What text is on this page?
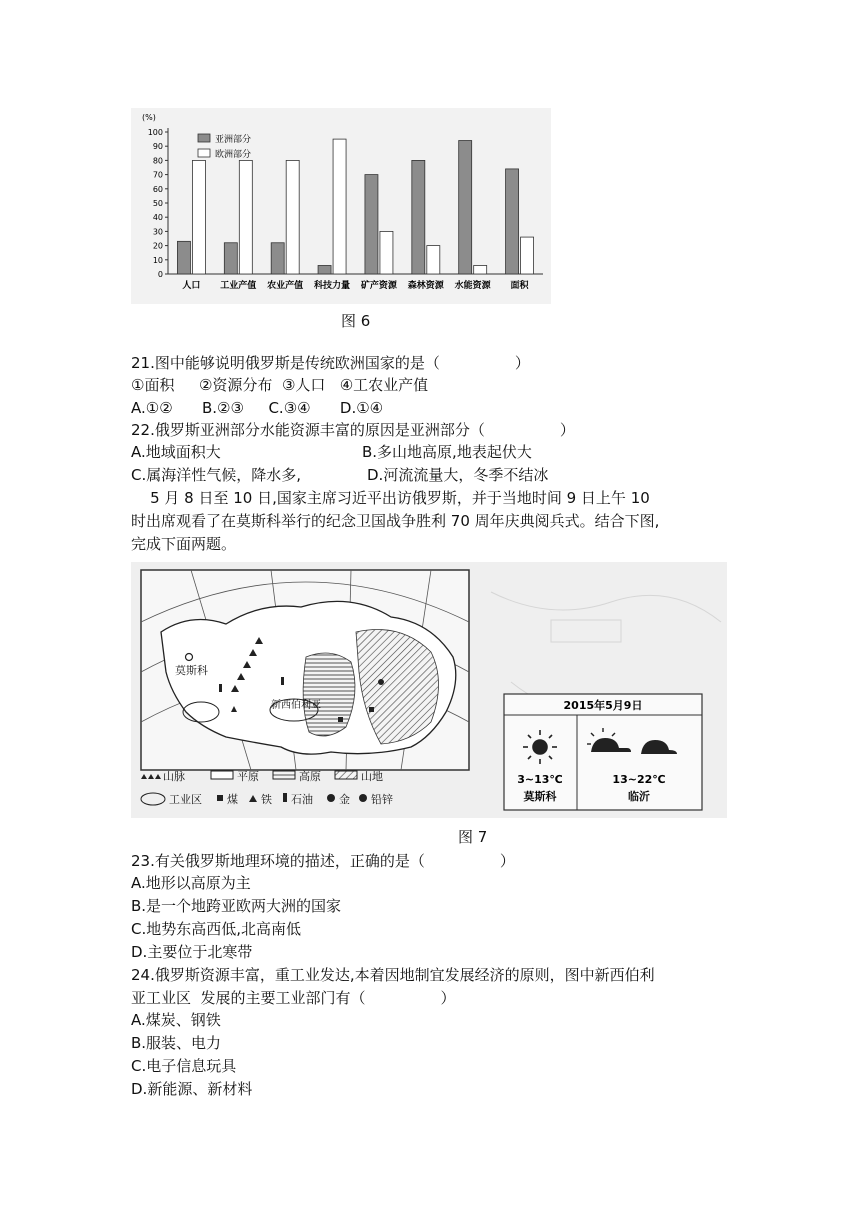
(%)
0
10
20
30
40
50
60
70
80
90
100
人口 工业产值 农业产值 科技力量 矿产资源 森林资源 水能资源 面积
亚洲部分
欧洲部分
图 6
21.图中能够说明俄罗斯是传统欧洲国家的是（　　　　　）
①面积　  ②资源分布  ③人口   ④工农业产值
A.①②　   B.②③　  C.③④　   D.①④
22.俄罗斯亚洲部分水能资源丰富的原因是亚洲部分（　　　　　）
A.地域面积大	B.多山地高原,地表起伏大
C.属海洋性气候，降水多,	D.河流流量大，冬季不结冰
5 月 8 日至 10 日,国家主席习近平出访俄罗斯，并于当地时间 9 日上午 10
时出席观看了在莫斯科举行的纪念卫国战争胜利 70 周年庆典阅兵式。结合下图,
完成下面两题。
莫斯科
新西伯利亚
山脉	平原	高原	山地
工业区 煤 铁 石油 金 铅锌
2015年5月9日
3~13℃
莫斯科
13~22℃
临沂
图 7
23.有关俄罗斯地理环境的描述，正确的是（　　　　　）
A.地形以高原为主
B.是一个地跨亚欧两大洲的国家
C.地势东高西低,北高南低
D.主要位于北寒带
24.俄罗斯资源丰富，重工业发达,本着因地制宜发展经济的原则，图中新西伯利
亚工业区  发展的主要工业部门有（　　　　　）
A.煤炭、钢铁
B.服装、电力
C.电子信息玩具
D.新能源、新材料
